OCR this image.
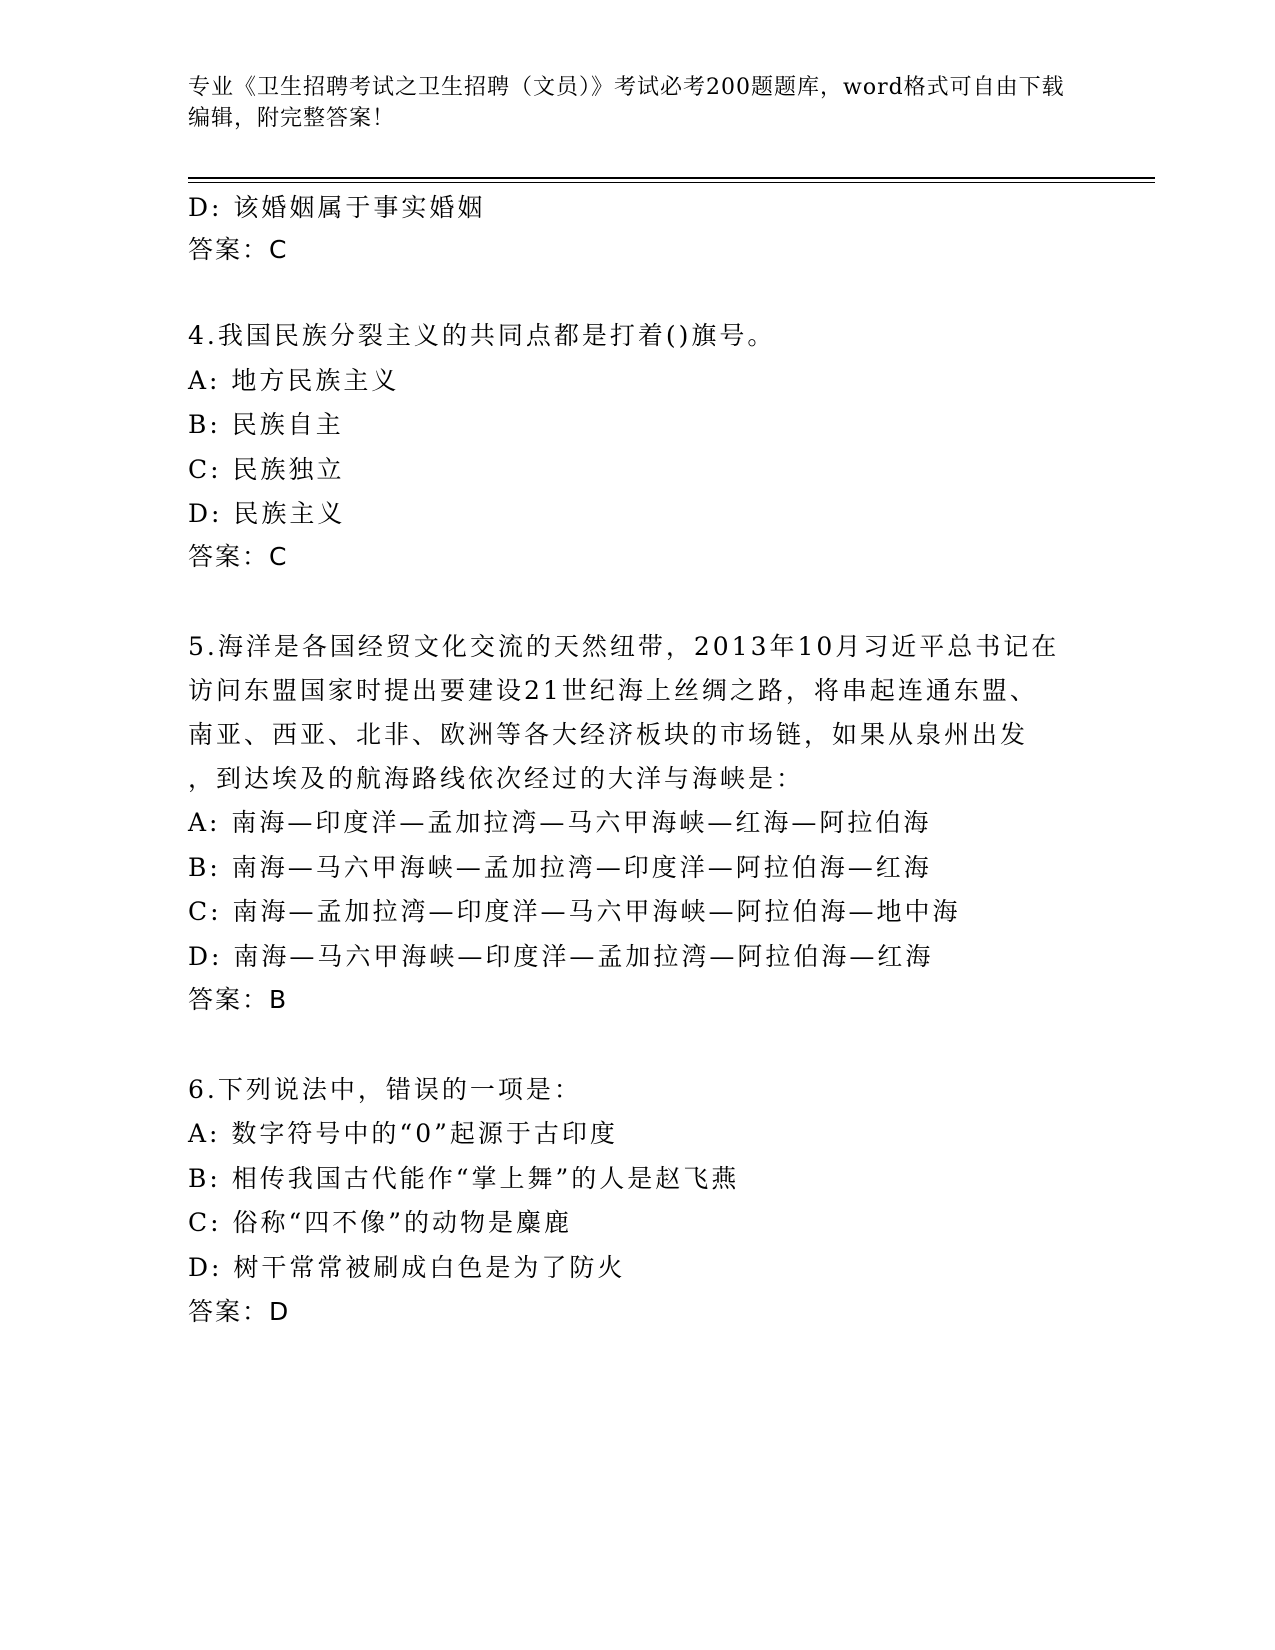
专业《卫生招聘考试之卫生招聘（文员）》考试必考200题题库，word格式可自由下载编辑，附完整答案！
D: 该婚姻属于事实婚姻
答案：C
4.我国民族分裂主义的共同点都是打着()旗号。
A: 地方民族主义
B: 民族自主
C: 民族独立
D: 民族主义
答案：C
5.海洋是各国经贸文化交流的天然纽带，2013年10月习近平总书记在
访问东盟国家时提出要建设21世纪海上丝绸之路，将串起连通东盟、
南亚、西亚、北非、欧洲等各大经济板块的市场链，如果从泉州出发
，到达埃及的航海路线依次经过的大洋与海峡是：
A: 南海—印度洋—孟加拉湾—马六甲海峡—红海—阿拉伯海
B: 南海—马六甲海峡—孟加拉湾—印度洋—阿拉伯海—红海
C: 南海—孟加拉湾—印度洋—马六甲海峡—阿拉伯海—地中海
D: 南海—马六甲海峡—印度洋—孟加拉湾—阿拉伯海—红海
答案：B
6.下列说法中，错误的一项是：
A: 数字符号中的“0”起源于古印度
B: 相传我国古代能作“掌上舞”的人是赵飞燕
C: 俗称“四不像”的动物是麋鹿
D: 树干常常被刷成白色是为了防火
答案：D
